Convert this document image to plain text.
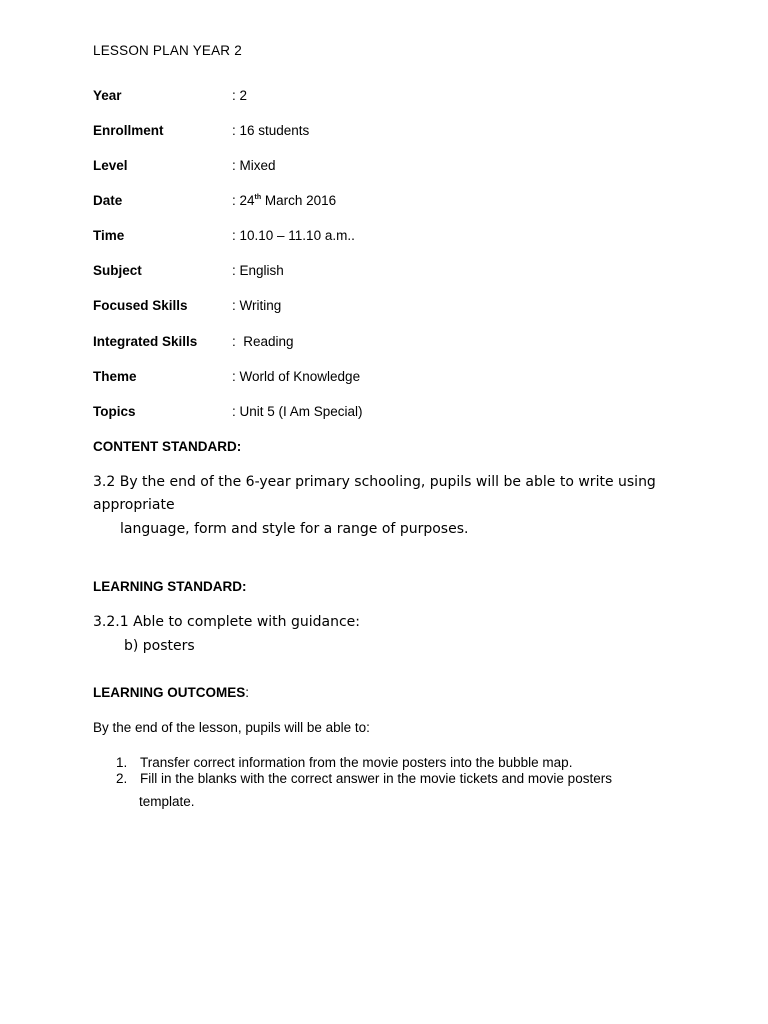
LESSON PLAN YEAR 2
Year	: 2
Enrollment	: 16 students
Level	: Mixed
Date	: 24th March 2016
Time	: 10.10 – 11.10 a.m..
Subject	: English
Focused Skills	: Writing
Integrated Skills	:  Reading
Theme	: World of Knowledge
Topics	: Unit 5 (I Am Special)
CONTENT STANDARD:
3.2 By the end of the 6-year primary schooling, pupils will be able to write using
appropriate
language, form and style for a range of purposes.
LEARNING STANDARD:
3.2.1 Able to complete with guidance:
b) posters
LEARNING OUTCOMES:
By the end of the lesson, pupils will be able to:
1. Transfer correct information from the movie posters into the bubble map.
2. Fill in the blanks with the correct answer in the movie tickets and movie posters
template.
